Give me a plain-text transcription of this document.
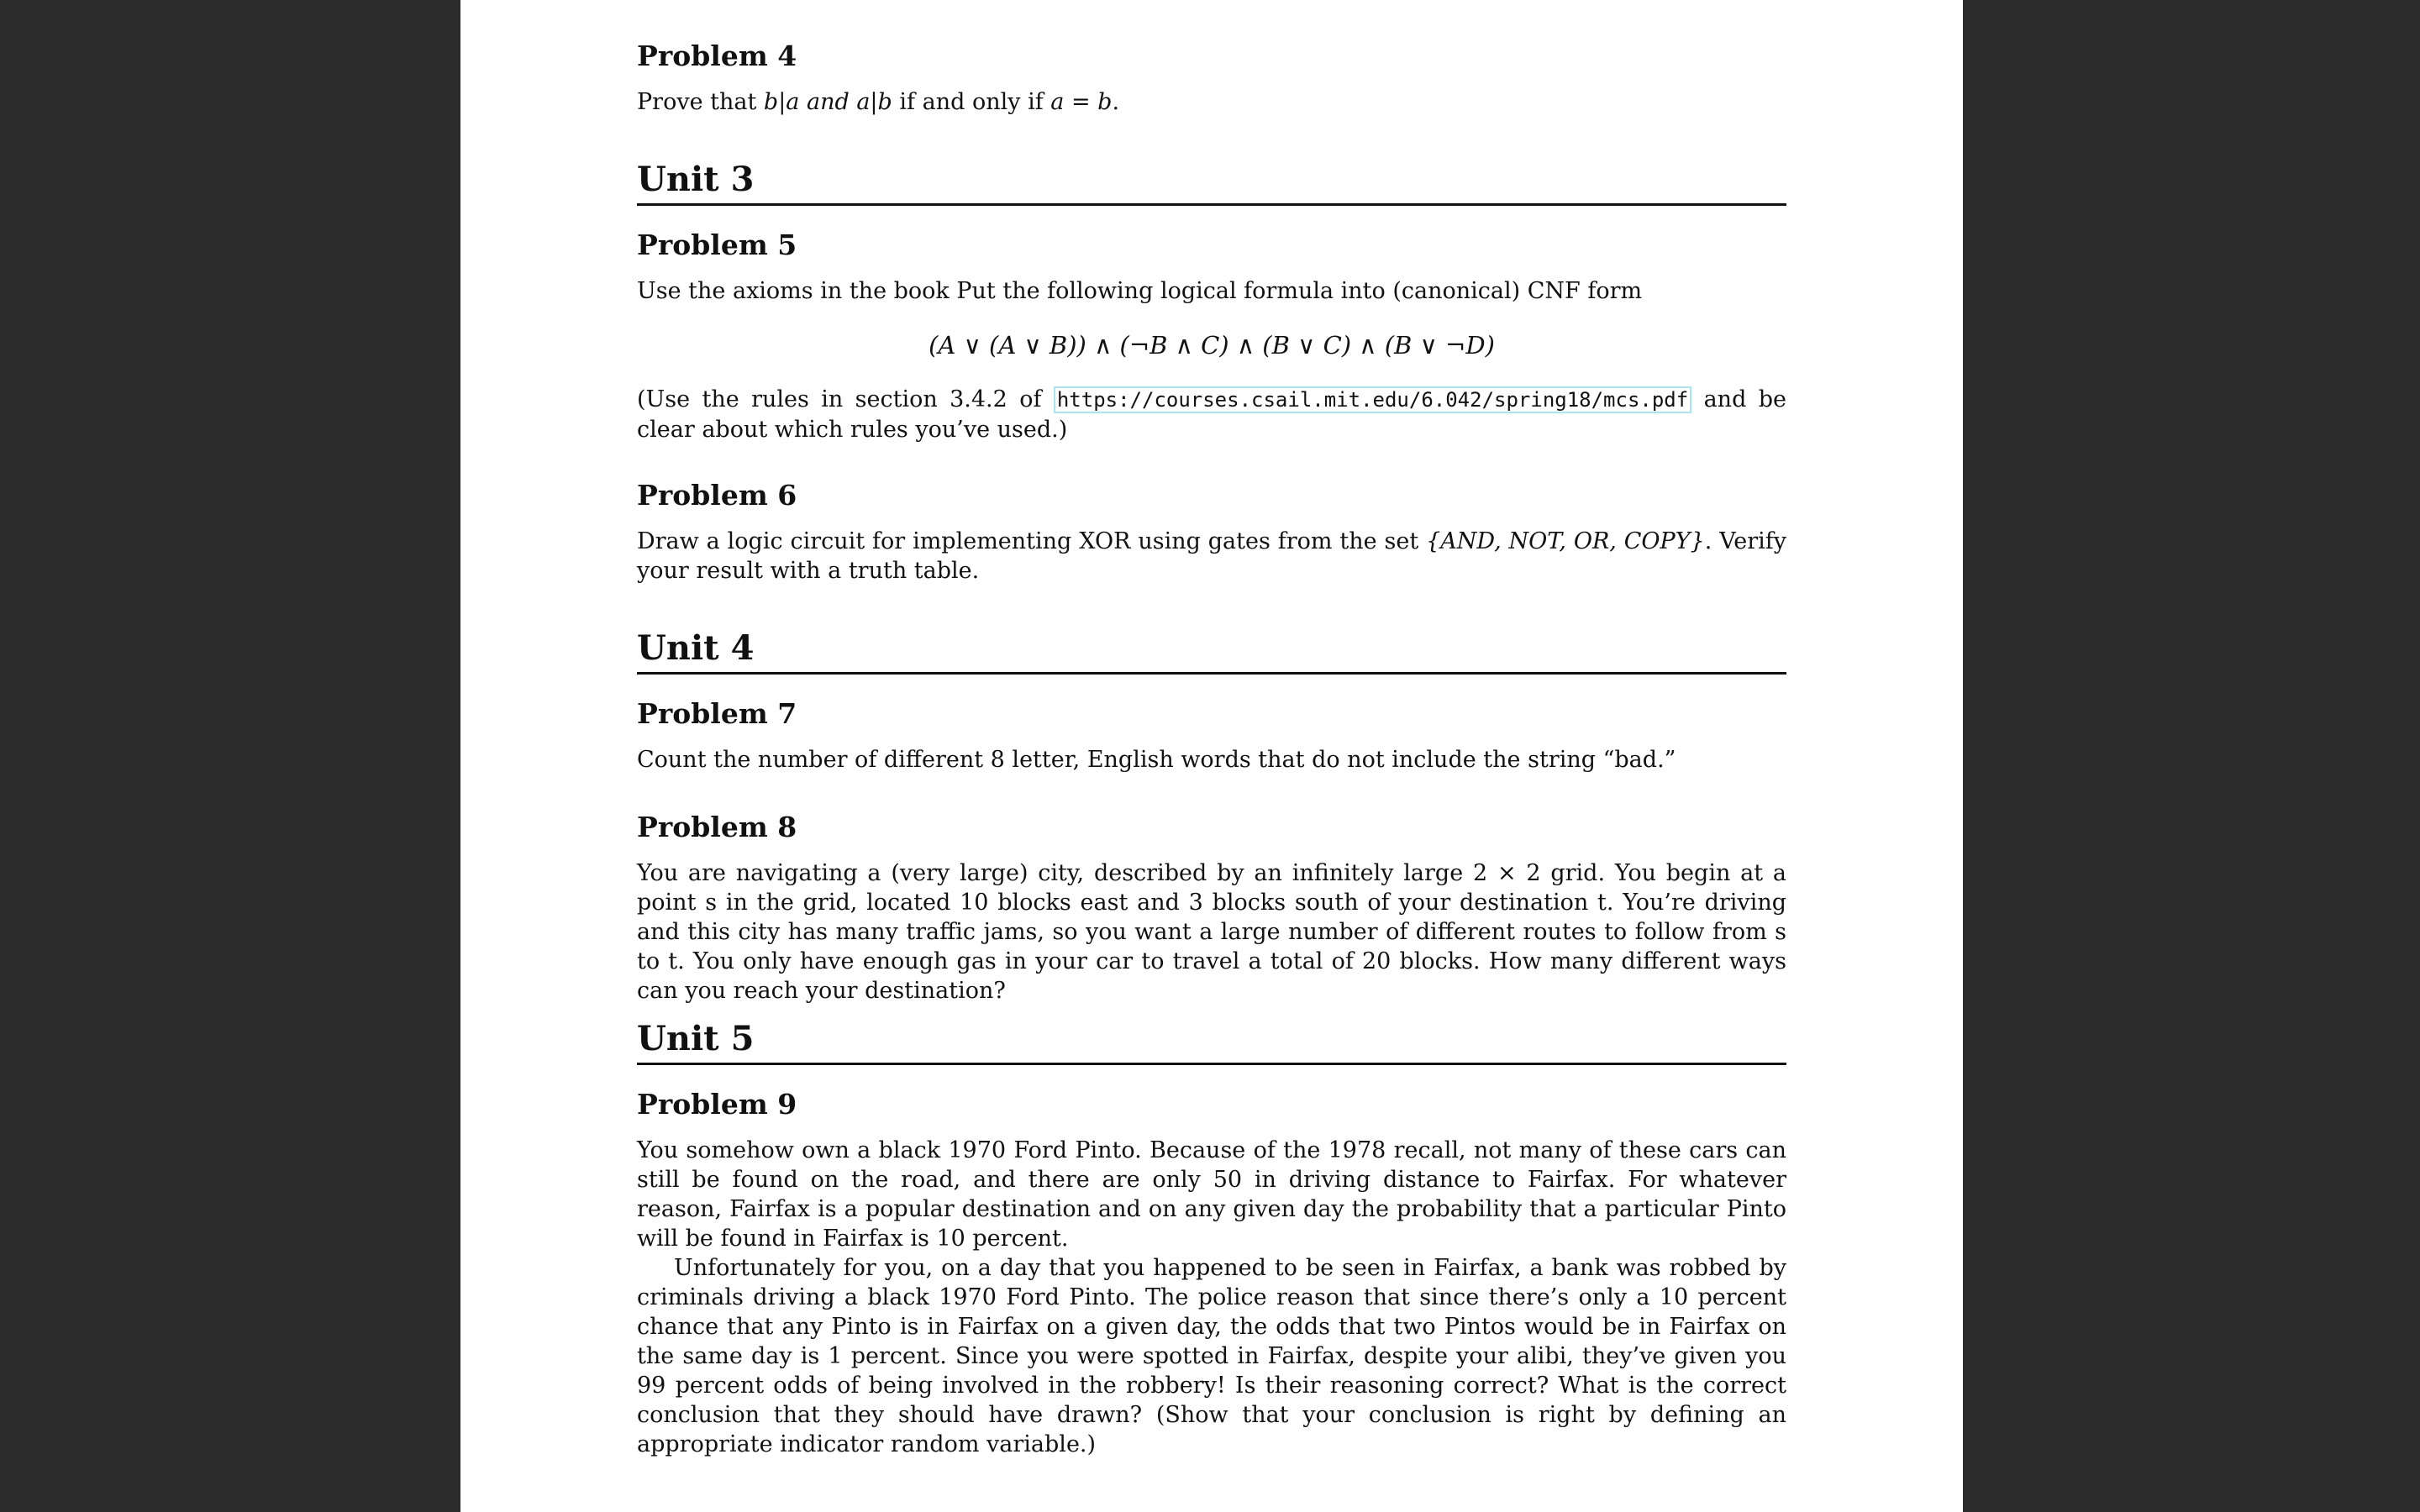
Problem 4

Prove that b|a and a|b if and only if a = b.

Unit 3
Problem 5

Use the axioms in the book Put the following logical formula into (canonical) CNF form

(A ∨ (A ∨ B)) ∧ (¬B ∧ C) ∧ (B ∨ C) ∧ (B ∨ ¬D)

(Use the rules in section 3.4.2 of https://courses.csail.mit.edu/6.042/spring18/mcs.pdf and be clear about which rules you’ve used.)

Problem 6

Draw a logic circuit for implementing XOR using gates from the set {AND, NOT, OR, COPY}. Verify your result with a truth table.

Unit 4
Problem 7

Count the number of different 8 letter, English words that do not include the string “bad.”

Problem 8

You are navigating a (very large) city, described by an infinitely large 2 × 2 grid. You begin at a point s in the grid, located 10 blocks east and 3 blocks south of your destination t. You’re driving and this city has many traffic jams, so you want a large number of different routes to follow from s to t. You only have enough gas in your car to travel a total of 20 blocks. How many different ways can you reach your destination?

Unit 5
Problem 9
You somehow own a black 1970 Ford Pinto. Because of the 1978 recall, not many of these cars can still be found on the road, and there are only 50 in driving distance to Fairfax. For whatever reason, Fairfax is a popular destination and on any given day the probability that a particular Pinto will be found in Fairfax is 10 percent.
Unfortunately for you, on a day that you happened to be seen in Fairfax, a bank was robbed by criminals driving a black 1970 Ford Pinto. The police reason that since there’s only a 10 percent chance that any Pinto is in Fairfax on a given day, the odds that two Pintos would be in Fairfax on the same day is 1 percent. Since you were spotted in Fairfax, despite your alibi, they’ve given you 99 percent odds of being involved in the robbery! Is their reasoning correct? What is the correct conclusion that they should have drawn? (Show that your conclusion is right by defining an appropriate indicator random variable.)
